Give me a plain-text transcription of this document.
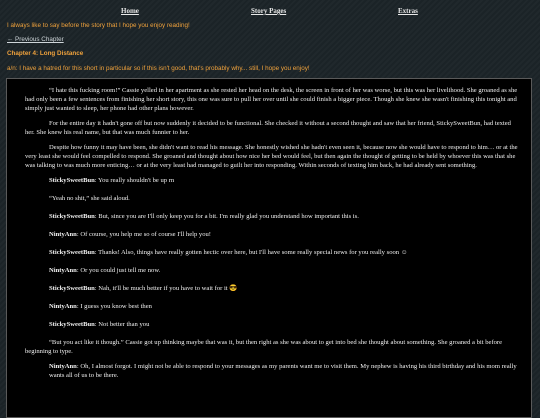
Home	Story Pages	Extras
I always like to say before the story that I hope you enjoy reading!
← Previous Chapter
Chapter 4: Long Distance
a/n: I have a hatred for this short in particular so if this isn't good, that's probably why... still, I hope you enjoy!

“I hate this fucking room!” Cassie yelled in her apartment as she rested her head on the desk, the screen in front of her was worse, but this was her livelihood. She groaned as she had only been a few sentences from finishing her short story, this one was sure to pull her over until she could finish a bigger piece. Though she knew she wasn't finishing this tonight and simply just wanted to sleep, her phone had other plans however.

For the entire day it hadn't gone off but now suddenly it decided to be functional. She checked it without a second thought and saw that her friend, StickySweetBun, had texted her. She knew his real name, but that was much funnier to her.

Despite how funny it may have been, she didn't want to read his message. She honestly wished she hadn't even seen it, because now she would have to respond to him… or at the very least she would feel compelled to respond. She groaned and thought about how nice her bed would feel, but then again the thought of getting to be held by whoever this was that she was talking to was much more enticing… or at the very least had managed to guilt her into responding. Within seconds of texting him back, he had already sent something.

StickySweetBun: You really shouldn't be up rn

“Yeah no shit,” she said aloud.

StickySweetBun: But, since you are I'll only keep you for a bit. I'm really glad you understand how important this is.

NintyAnn: Of course, you help me so of course I'll help you!

StickySweetBun: Thanks! Also, things have really gotten hectic over here, but I'll have some really special news for you really soon ☺

NintyAnn: Or you could just tell me now.

StickySweetBun: Nah, it'll be much better if you have to wait for it 😎

NintyAnn: I guess you know best then

StickySweetBun: Not better than you

“But you act like it though.” Cassie got up thinking maybe that was it, but then right as she was about to get into bed she thought about something. She groaned a bit before beginning to type.

NintyAnn: Oh, I almost forgot. I might not be able to respond to your messages as my parents want me to visit them. My nephew is having his third birthday and his mom really wants all of us to be there.
